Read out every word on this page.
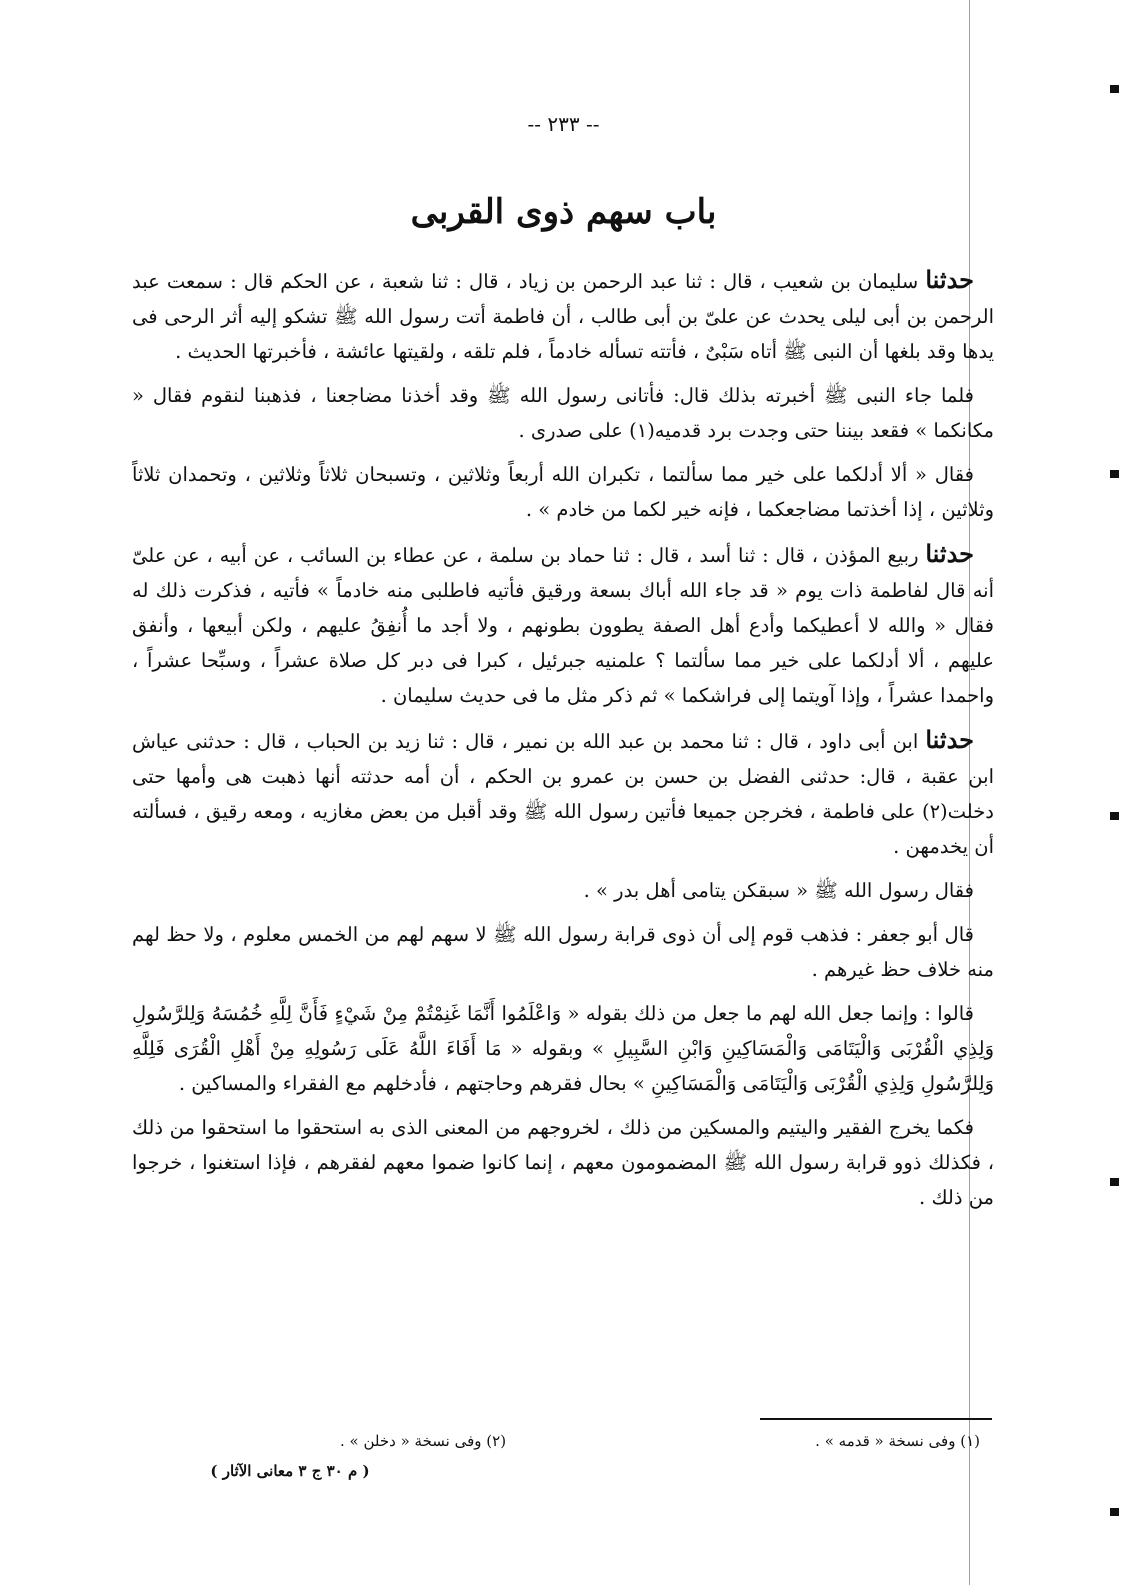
-- ٢٣٣ --
باب سهم ذوى القربى

حدثنا سليمان بن شعيب ، قال : ثنا عبد الرحمن بن زياد ، قال : ثنا شعبة ، عن الحكم قال : سمعت عبد الرحمن بن أبى ليلى يحدث عن علىّ بن أبى طالب ، أن فاطمة أتت رسول الله ﷺ تشكو إليه أثر الرحى فى يدها وقد بلغها أن النبى ﷺ أتاه سَبْىٌ ، فأتته تسأله خادماً ، فلم تلقه ، ولقيتها عائشة ، فأخبرتها الحديث .

فلما جاء النبى ﷺ أخبرته بذلك قال: فأتانى رسول الله ﷺ وقد أخذنا مضاجعنا ، فذهبنا لنقوم فقال « مكانكما » فقعد بيننا حتى وجدت برد قدميه(١) على صدرى .

فقال « ألا أدلكما على خير مما سألتما ، تكبران الله أربعاً وثلاثين ، وتسبحان ثلاثاً وثلاثين ، وتحمدان ثلاثاً وثلاثين ، إذا أخذتما مضاجعكما ، فإنه خير لكما من خادم » .

حدثنا ربيع المؤذن ، قال : ثنا أسد ، قال : ثنا حماد بن سلمة ، عن عطاء بن السائب ، عن أبيه ، عن علىّ أنه قال لفاطمة ذات يوم « قد جاء الله أباك بسعة ورقيق فأتيه فاطلبى منه خادماً » فأتيه ، فذكرت ذلك له فقال « والله لا أعطيكما وأدع أهل الصفة يطوون بطونهم ، ولا أجد ما أُنفِقُ عليهم ، ولكن أبيعها ، وأنفق عليهم ، ألا أدلكما على خير مما سألتما ؟ علمنيه جبرئيل ، كبرا فى دبر كل صلاة عشراً ، وسبِّحا عشراً ، واحمدا عشراً ، وإذا آويتما إلى فراشكما » ثم ذكر مثل ما فى حديث سليمان .

حدثنا ابن أبى داود ، قال : ثنا محمد بن عبد الله بن نمير ، قال : ثنا زيد بن الحباب ، قال : حدثنى عياش ابن عقبة ، قال: حدثنى الفضل بن حسن بن عمرو بن الحكم ، أن أمه حدثته أنها ذهبت هى وأمها حتى دخلت(٢) على فاطمة ، فخرجن جميعا فأتين رسول الله ﷺ وقد أقبل من بعض مغازيه ، ومعه رقيق ، فسألته أن يخدمهن .

فقال رسول الله ﷺ « سبقكن يتامى أهل بدر » .

قال أبو جعفر : فذهب قوم إلى أن ذوى قرابة رسول الله ﷺ لا سهم لهم من الخمس معلوم ، ولا حظ لهم منه خلاف حظ غيرهم .

قالوا : وإنما جعل الله لهم ما جعل من ذلك بقوله « وَاعْلَمُوا أَنَّمَا غَنِمْتُمْ مِنْ شَيْءٍ فَأَنَّ لِلَّهِ خُمُسَهُ وَلِلرَّسُولِ وَلِذِي الْقُرْبَى وَالْيَتَامَى وَالْمَسَاكِينِ وَابْنِ السَّبِيلِ » وبقوله « مَا أَفَاءَ اللَّهُ عَلَى رَسُولِهِ مِنْ أَهْلِ الْقُرَى فَلِلَّهِ وَلِلرَّسُولِ وَلِذِي الْقُرْبَى وَالْيَتَامَى وَالْمَسَاكِينِ » بحال فقرهم وحاجتهم ، فأدخلهم مع الفقراء والمساكين .

فكما يخرج الفقير واليتيم والمسكين من ذلك ، لخروجهم من المعنى الذى به استحقوا ما استحقوا من ذلك ، فكذلك ذوو قرابة رسول الله ﷺ المضمومون معهم ، إنما كانوا ضموا معهم لفقرهم ، فإذا استغنوا ، خرجوا من ذلك .

(١) وفى نسخة « قدمه » .
(٢) وفى نسخة « دخلن » .
( م ٣٠ ج ٣ معانى الآثار )
